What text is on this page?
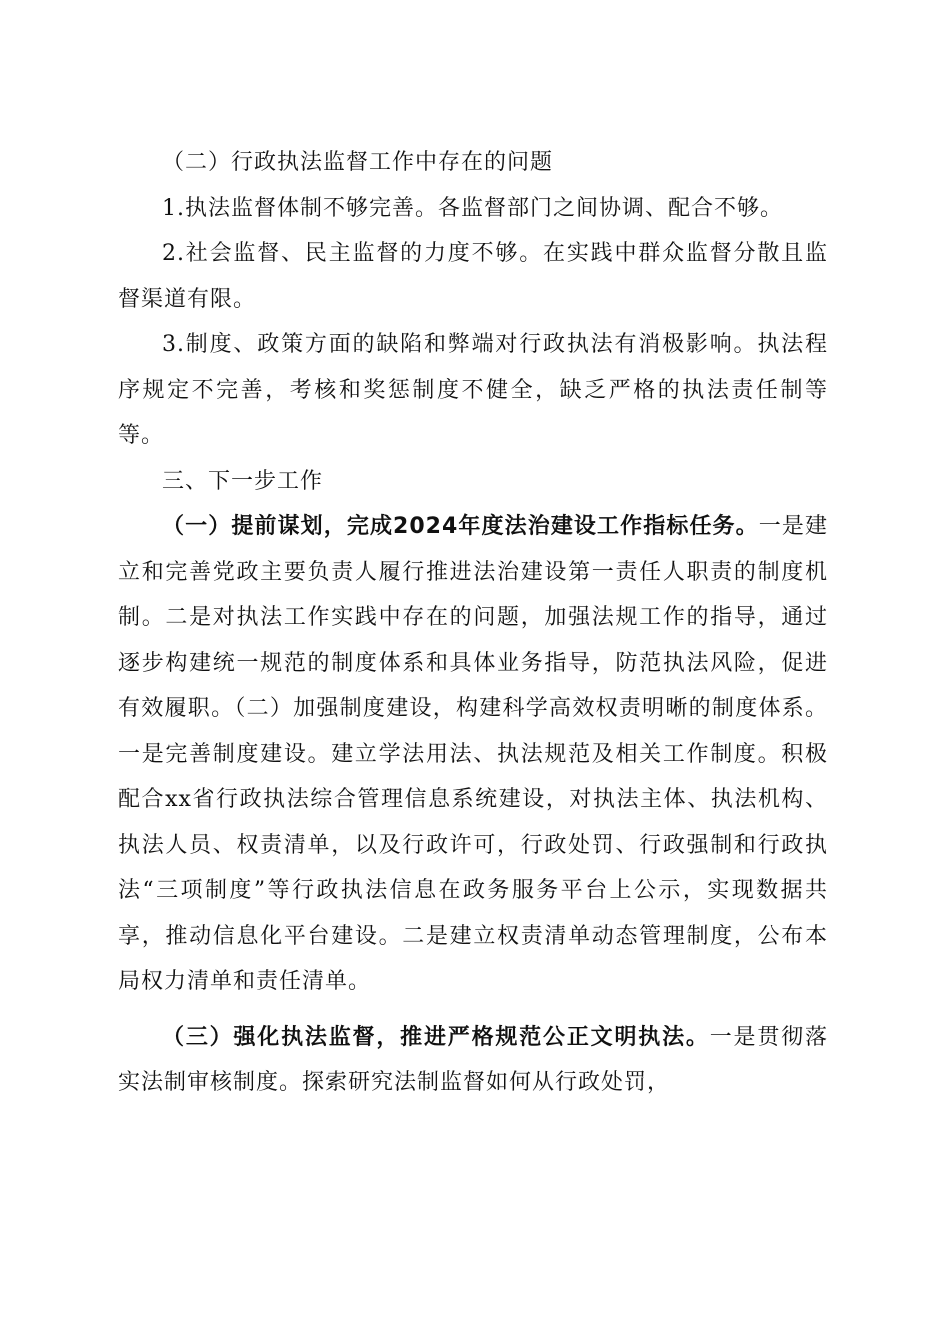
（二）行政执法监督工作中存在的问题

1.执法监督体制不够完善。各监督部门之间协调、配合不够。

2.社会监督、民主监督的力度不够。在实践中群众监督分散且监督渠道有限。

3.制度、政策方面的缺陷和弊端对行政执法有消极影响。执法程序规定不完善，考核和奖惩制度不健全，缺乏严格的执法责任制等等。

三、下一步工作

（一）提前谋划，完成2024年度法治建设工作指标任务。一是建立和完善党政主要负责人履行推进法治建设第一责任人职责的制度机制。二是对执法工作实践中存在的问题，加强法规工作的指导，通过逐步构建统一规范的制度体系和具体业务指导，防范执法风险，促进有效履职。（二）加强制度建设，构建科学高效权责明晰的制度体系。一是完善制度建设。建立学法用法、执法规范及相关工作制度。积极配合xx省行政执法综合管理信息系统建设，对执法主体、执法机构、执法人员、权责清单，以及行政许可，行政处罚、行政强制和行政执法“三项制度”等行政执法信息在政务服务平台上公示，实现数据共享，推动信息化平台建设。二是建立权责清单动态管理制度，公布本局权力清单和责任清单。

（三）强化执法监督，推进严格规范公正文明执法。一是贯彻落实法制审核制度。探索研究法制监督如何从行政处罚，
